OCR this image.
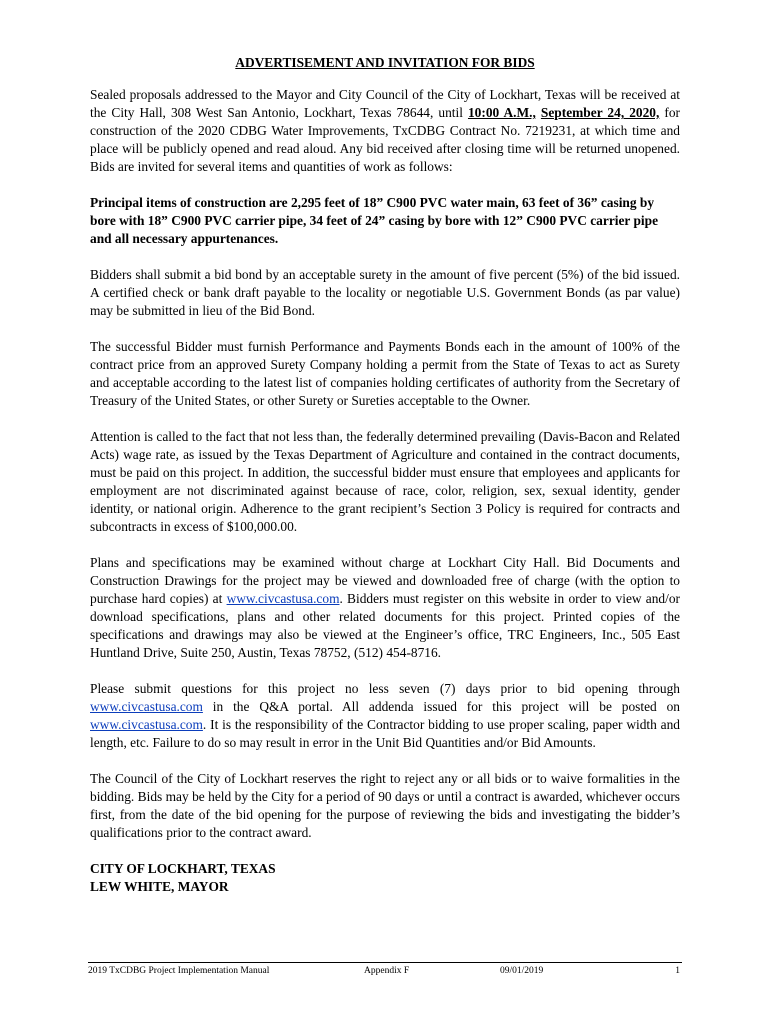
ADVERTISEMENT AND INVITATION FOR BIDS

Sealed proposals addressed to the Mayor and City Council of the City of Lockhart, Texas will be received at the City Hall, 308 West San Antonio, Lockhart, Texas 78644, until 10:00 A.M., September 24, 2020, for construction of the 2020 CDBG Water Improvements, TxCDBG Contract No. 7219231, at which time and place will be publicly opened and read aloud. Any bid received after closing time will be returned unopened. Bids are invited for several items and quantities of work as follows:

Principal items of construction are 2,295 feet of 18” C900 PVC water main, 63 feet of 36” casing by bore with 18” C900 PVC carrier pipe, 34 feet of 24” casing by bore with 12” C900 PVC carrier pipe and all necessary appurtenances.

Bidders shall submit a bid bond by an acceptable surety in the amount of five percent (5%) of the bid issued. A certified check or bank draft payable to the locality or negotiable U.S. Government Bonds (as par value) may be submitted in lieu of the Bid Bond.

The successful Bidder must furnish Performance and Payments Bonds each in the amount of 100% of the contract price from an approved Surety Company holding a permit from the State of Texas to act as Surety and acceptable according to the latest list of companies holding certificates of authority from the Secretary of Treasury of the United States, or other Surety or Sureties acceptable to the Owner.

Attention is called to the fact that not less than, the federally determined prevailing (Davis-Bacon and Related Acts) wage rate, as issued by the Texas Department of Agriculture and contained in the contract documents, must be paid on this project. In addition, the successful bidder must ensure that employees and applicants for employment are not discriminated against because of race, color, religion, sex, sexual identity, gender identity, or national origin. Adherence to the grant recipient’s Section 3 Policy is required for contracts and subcontracts in excess of $100,000.00.

Plans and specifications may be examined without charge at Lockhart City Hall. Bid Documents and Construction Drawings for the project may be viewed and downloaded free of charge (with the option to purchase hard copies) at www.civcastusa.com. Bidders must register on this website in order to view and/or download specifications, plans and other related documents for this project. Printed copies of the specifications and drawings may also be viewed at the Engineer’s office, TRC Engineers, Inc., 505 East Huntland Drive, Suite 250, Austin, Texas 78752, (512) 454-8716.

Please submit questions for this project no less seven (7) days prior to bid opening through www.civcastusa.com in the Q&A portal. All addenda issued for this project will be posted on www.civcastusa.com. It is the responsibility of the Contractor bidding to use proper scaling, paper width and length, etc. Failure to do so may result in error in the Unit Bid Quantities and/or Bid Amounts.

The Council of the City of Lockhart reserves the right to reject any or all bids or to waive formalities in the bidding. Bids may be held by the City for a period of 90 days or until a contract is awarded, whichever occurs first, from the date of the bid opening for the purpose of reviewing the bids and investigating the bidder’s qualifications prior to the contract award.

CITY OF LOCKHART, TEXAS
LEW WHITE, MAYOR
2019 TxCDBG Project Implementation Manual	Appendix F	09/01/2019	1
